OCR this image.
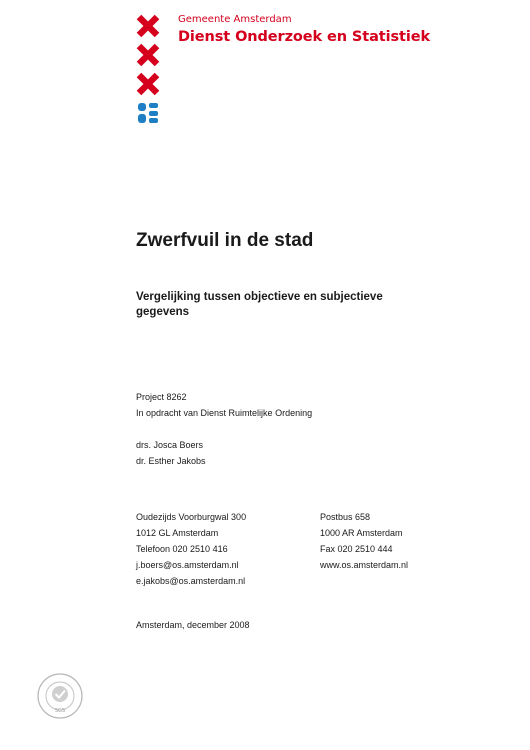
Gemeente Amsterdam
Dienst Onderzoek en Statistiek
Zwerfvuil in de stad
Vergelijking tussen objectieve en subjectieve gegevens
Project 8262
In opdracht van Dienst Ruimtelijke Ordening
drs. Josca Boers
dr. Esther Jakobs
Oudezijds Voorburgwal 300
1012 GL Amsterdam
Telefoon 020 2510 416
j.boers@os.amsterdam.nl
e.jakobs@os.amsterdam.nl
Postbus 658
1000 AR Amsterdam
Fax 020 2510 444
www.os.amsterdam.nl
Amsterdam, december 2008
SGS
